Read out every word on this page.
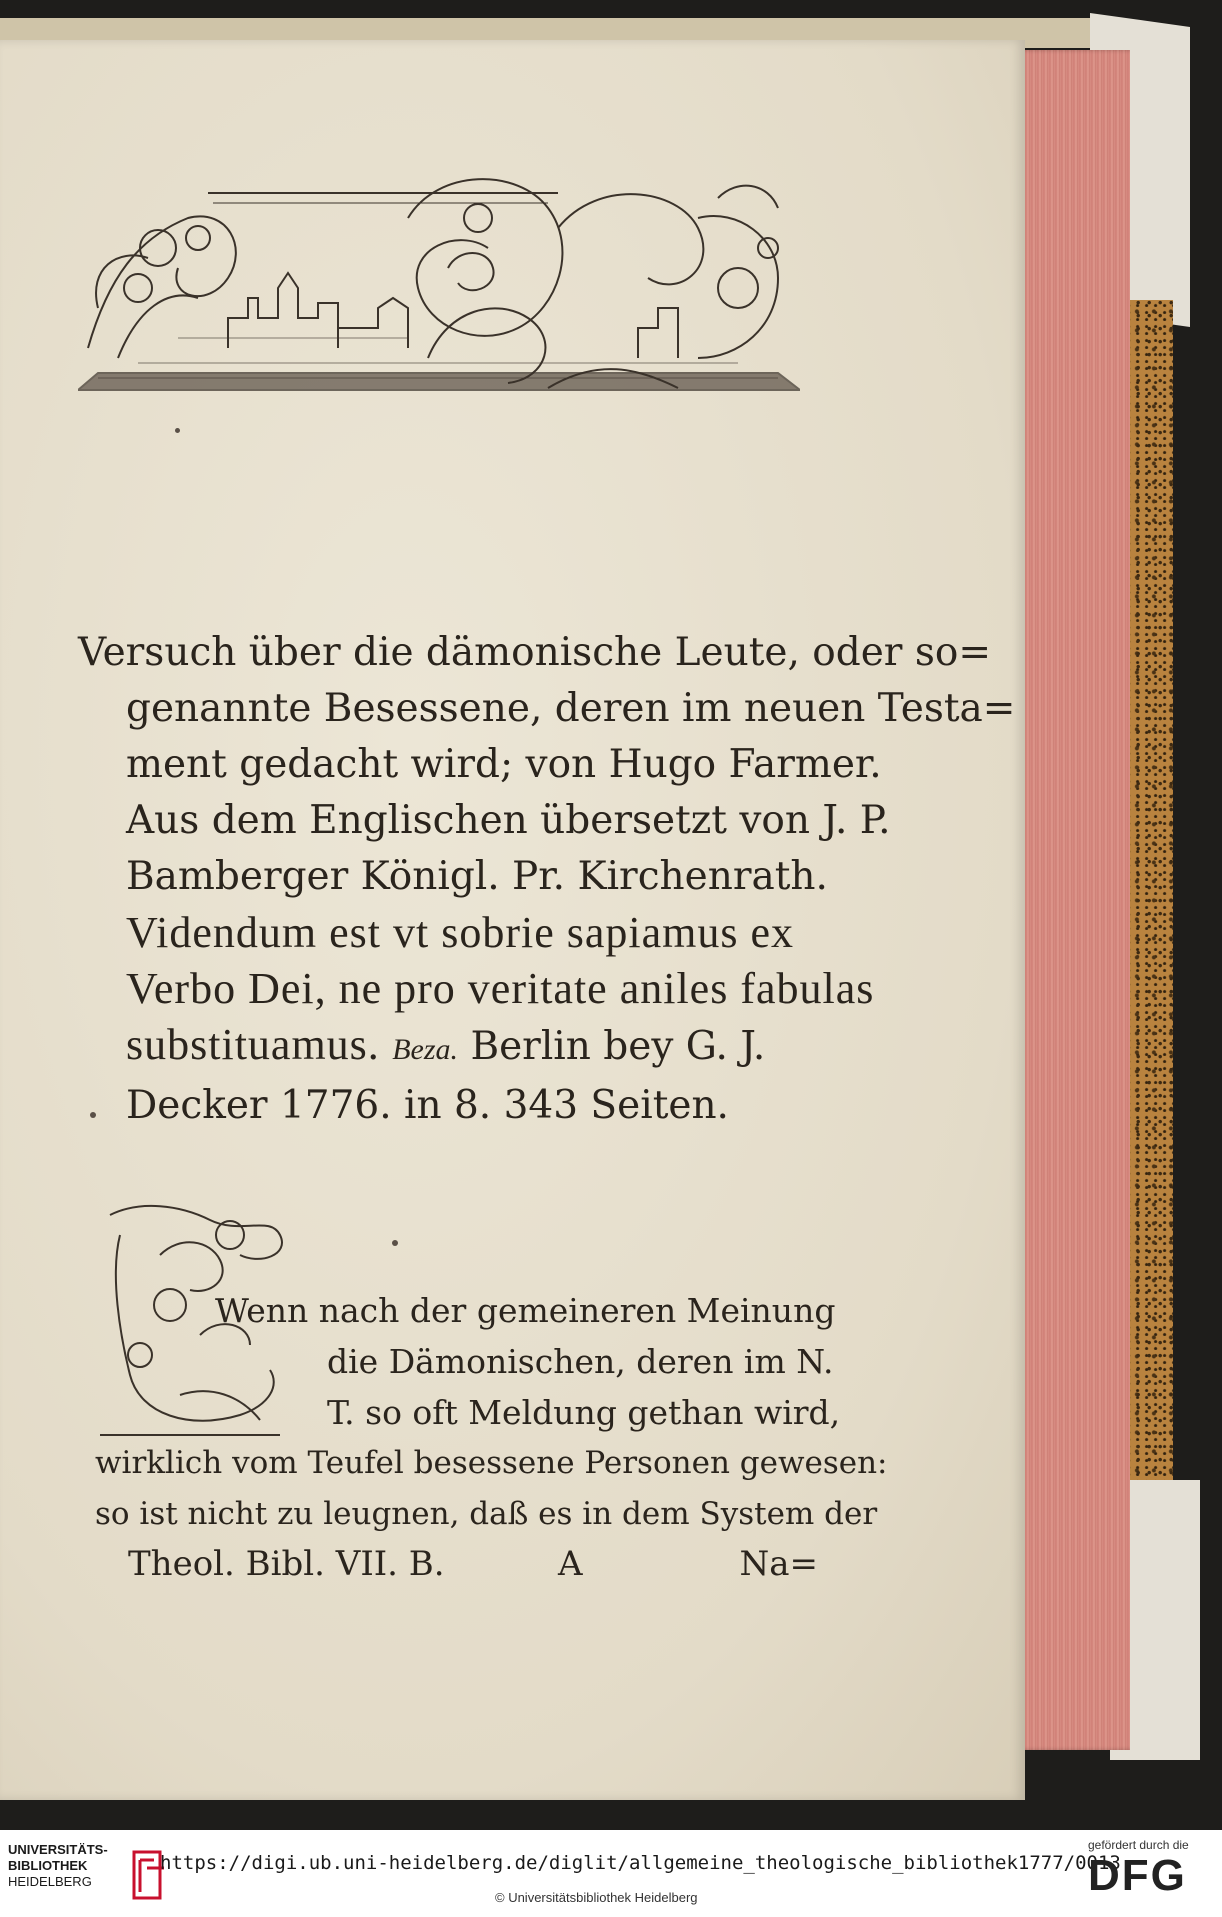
Versuch über die dämonische Leute, oder so=
genannte Besessene, deren im neuen Testa=
ment gedacht wird; von Hugo Farmer.
Aus dem Englischen übersetzt von J. P.
Bamberger Königl. Pr. Kirchenrath.
Videndum est vt sobrie sapiamus ex
Verbo Dei, ne pro veritate aniles fabulas
substituamus. Beza. Berlin bey G. J.
Decker 1776. in 8. 343 Seiten.
Wenn nach der gemeineren Meinung
die Dämonischen, deren im N.
T. so oft Meldung gethan wird,
wirklich vom Teufel besessene Personen gewesen:
so ist nicht zu leugnen, daß es in dem System der
Theol. Bibl. VII. B.	A	Na=
UNIVERSITÄTS-
BIBLIOTHEK
HEIDELBERG
https://digi.ub.uni-heidelberg.de/diglit/allgemeine_theologische_bibliothek1777/0013
© Universitätsbibliothek Heidelberg
gefördert durch die
DFG
